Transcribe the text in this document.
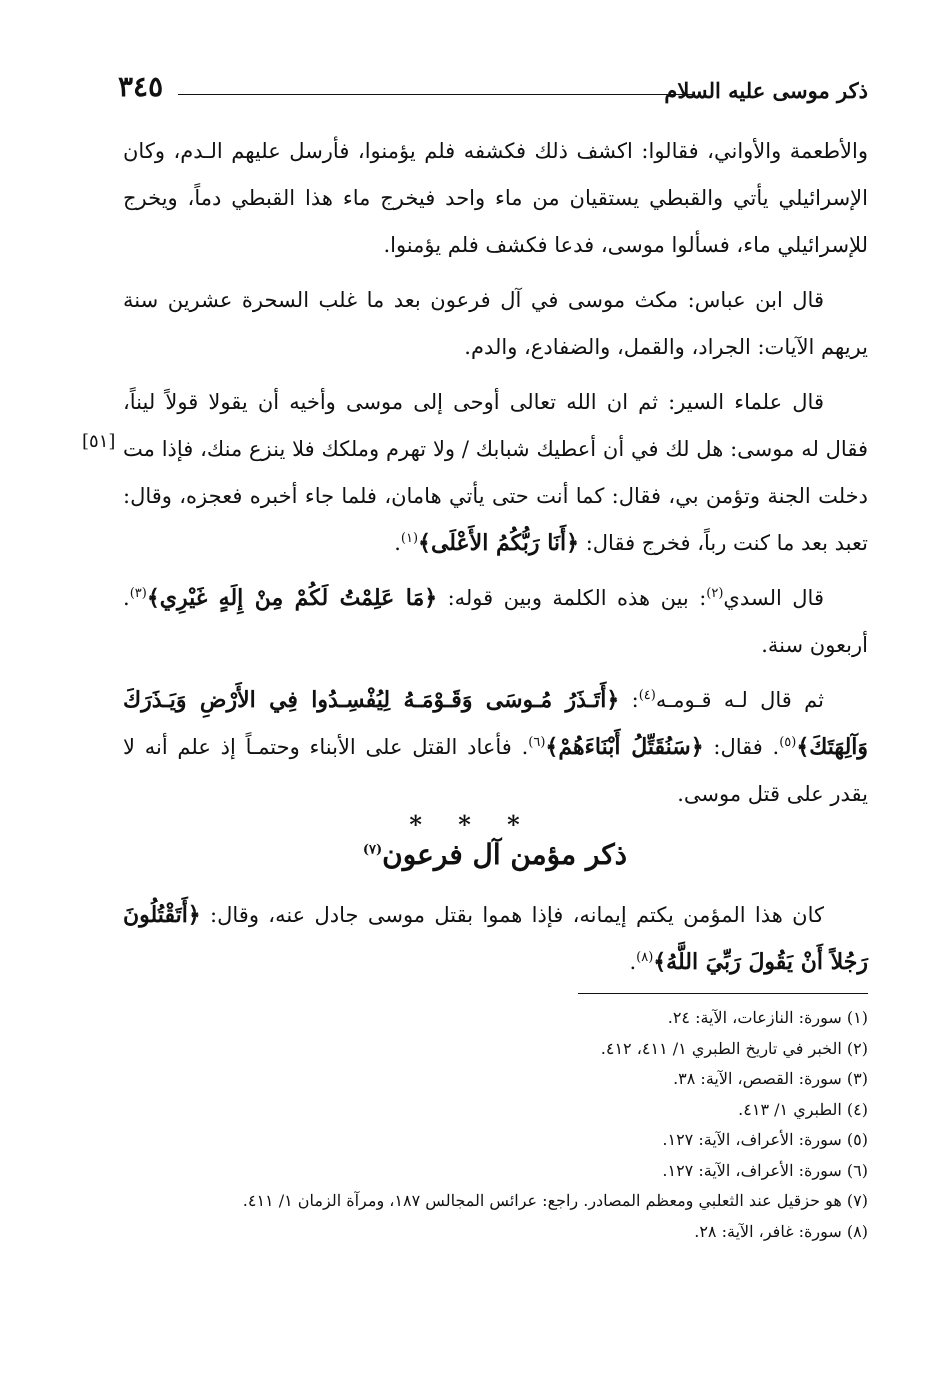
ذكر موسى عليه السلام
٣٤٥

والأطعمة والأواني، فقالوا: اكشف ذلك فكشفه فلم يؤمنوا، فأرسل عليهم الـدم، وكان الإسرائيلي يأتي والقبطي يستقيان من ماء واحد فيخرج ماء هذا القبطي دماً، ويخرج للإسرائيلي ماء، فسألوا موسى، فدعا فكشف فلم يؤمنوا.

قال ابن عباس: مكث موسى في آل فرعون بعد ما غلب السحرة عشرين سنة يريهم الآيات: الجراد، والقمل، والضفادع، والدم.

قال علماء السير: ثم ان الله تعالى أوحى إلى موسى وأخيه أن يقولا قولاً ليناً، فقال له موسى: هل لك في أن أعطيك شبابك / ولا تهرم وملكك فلا ينزع منك، فإذا مت دخلت الجنة وتؤمن بي، فقال: كما أنت حتى يأتي هامان، فلما جاء أخبره فعجزه، وقال: تعبد بعد ما كنت رباً، فخرج فقال: ﴿أَنَا رَبُّكُمُ الأَعْلَى﴾$^{(١)}$.

قال السدي$^{(٢)}$: بين هذه الكلمة وبين قوله: ﴿مَا عَلِمْتُ لَكُمْ مِنْ إِلَهٍ غَيْرِي﴾$^{(٣)}$. أربعون سنة.

ثم قال لـه قـومـه$^{(٤)}$: ﴿أَتَـذَرُ مُـوسَى وَقَـوْمَـهُ لِيُفْسِـدُوا فِي الأَرْضِ وَيَـذَرَكَ وَآلِهَتَكَ﴾$^{(٥)}$. فقال: ﴿سَنُقَتِّلُ أَبْنَاءَهُمْ﴾$^{(٦)}$. فأعاد القتل على الأبناء وحتمـاً إذ علم أنه لا يقدر على قتل موسى.

[٥١]
* * *
ذكر مؤمن آل فرعون$^{(٧)}$

كان هذا المؤمن يكتم إيمانه، فإذا هموا بقتل موسى جادل عنه، وقال: ﴿أَتَقْتُلُونَ رَجُلاً أَنْ يَقُولَ رَبِّيَ اللَّهُ﴾$^{(٨)}$.

(١) سورة: النازعات، الآية: ٢٤.
(٢) الخبر في تاريخ الطبري ١/ ٤١١، ٤١٢.
(٣) سورة: القصص، الآية: ٣٨.
(٤) الطبري ١/ ٤١٣.
(٥) سورة: الأعراف، الآية: ١٢٧.
(٦) سورة: الأعراف، الآية: ١٢٧.
(٧) هو حزقيل عند الثعلبي ومعظم المصادر. راجع: عرائس المجالس ١٨٧، ومرآة الزمان ١/ ٤١١.
(٨) سورة: غافر، الآية: ٢٨.
